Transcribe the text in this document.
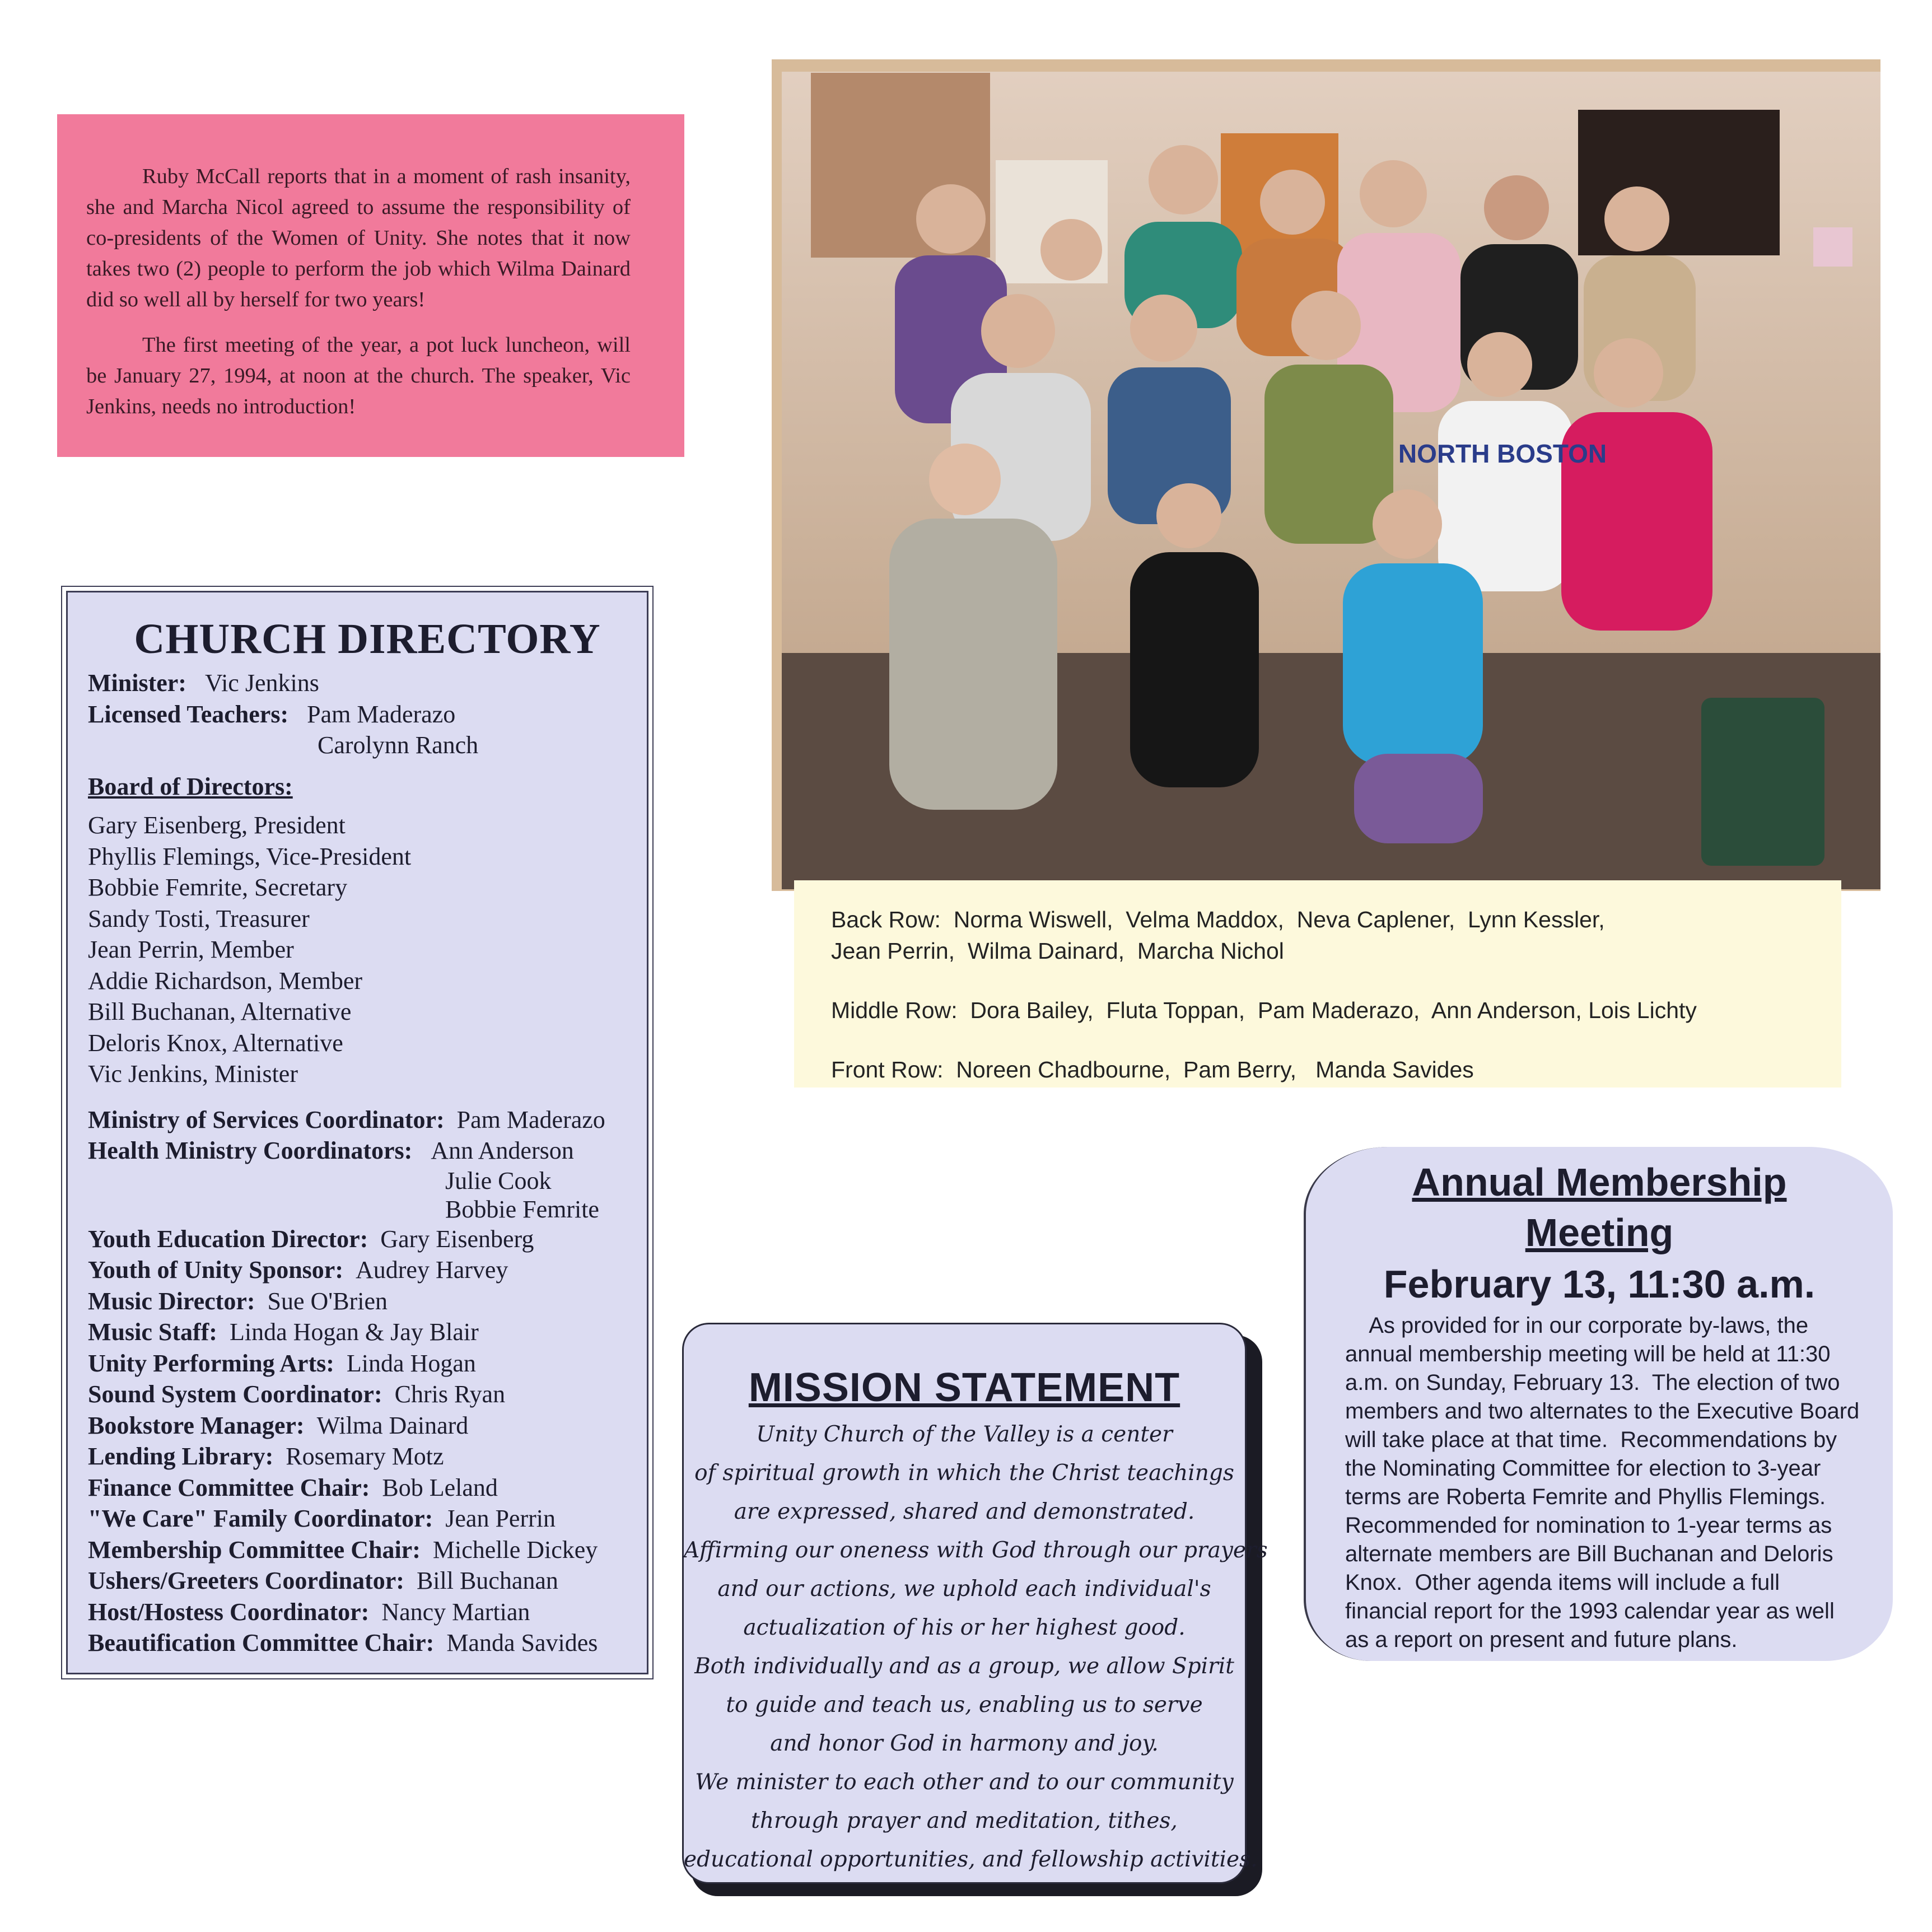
Ruby McCall reports that in a moment of rash insanity, she and Marcha Nicol agreed to assume the responsibility of co-presidents of the Women of Unity. She notes that it now takes two (2) people to perform the job which Wilma Dainard did so well all by herself for two years!

The first meeting of the year, a pot luck luncheon, will be January 27, 1994, at noon at the church. The speaker, Vic Jenkins, needs no introduction!

CHURCH DIRECTORY
Minister: Vic Jenkins
Licensed Teachers: Pam Maderazo
Carolynn Ranch
Board of Directors:
Gary Eisenberg, President
Phyllis Flemings, Vice-President
Bobbie Femrite, Secretary
Sandy Tosti, Treasurer
Jean Perrin, Member
Addie Richardson, Member
Bill Buchanan, Alternative
Deloris Knox, Alternative
Vic Jenkins, Minister
Ministry of Services Coordinator: Pam Maderazo
Health Ministry Coordinators: Ann Anderson
Julie Cook
Bobbie Femrite
Youth Education Director: Gary Eisenberg
Youth of Unity Sponsor: Audrey Harvey
Music Director: Sue O'Brien
Music Staff: Linda Hogan & Jay Blair
Unity Performing Arts: Linda Hogan
Sound System Coordinator: Chris Ryan
Bookstore Manager: Wilma Dainard
Lending Library: Rosemary Motz
Finance Committee Chair: Bob Leland
"We Care" Family Coordinator: Jean Perrin
Membership Committee Chair: Michelle Dickey
Ushers/Greeters Coordinator: Bill Buchanan
Host/Hostess Coordinator: Nancy Martian
Beautification Committee Chair: Manda Savides
NORTH BOSTON
Back Row:  Norma Wiswell,  Velma Maddox,  Neva Caplener,  Lynn Kessler,
Jean Perrin,  Wilma Dainard,  Marcha Nichol
Middle Row:  Dora Bailey,  Fluta Toppan,  Pam Maderazo,  Ann Anderson, Lois Lichty
Front Row:  Noreen Chadbourne,  Pam Berry,   Manda Savides
MISSION STATEMENT
Unity Church of the Valley is a center
of spiritual growth in which the Christ teachings
are expressed, shared and demonstrated.
Affirming our oneness with God through our prayers
and our actions, we uphold each individual's
actualization of his or her highest good.
Both individually and as a group, we allow Spirit
to guide and teach us, enabling us to serve
and honor God in harmony and joy.
We minister to each other and to our community
through prayer and meditation, tithes,
educational opportunities, and fellowship activities.
Annual Membership
Meeting
February 13, 11:30 a.m.
As provided for in our corporate by-laws, the
annual membership meeting will be held at 11:30
a.m. on Sunday, February 13.  The election of two
members and two alternates to the Executive Board
will take place at that time.  Recommendations by
the Nominating Committee for election to 3-year
terms are Roberta Femrite and Phyllis Flemings.
Recommended for nomination to 1-year terms as
alternate members are Bill Buchanan and Deloris
Knox.  Other agenda items will include a full
financial report for the 1993 calendar year as well
as a report on present and future plans.
